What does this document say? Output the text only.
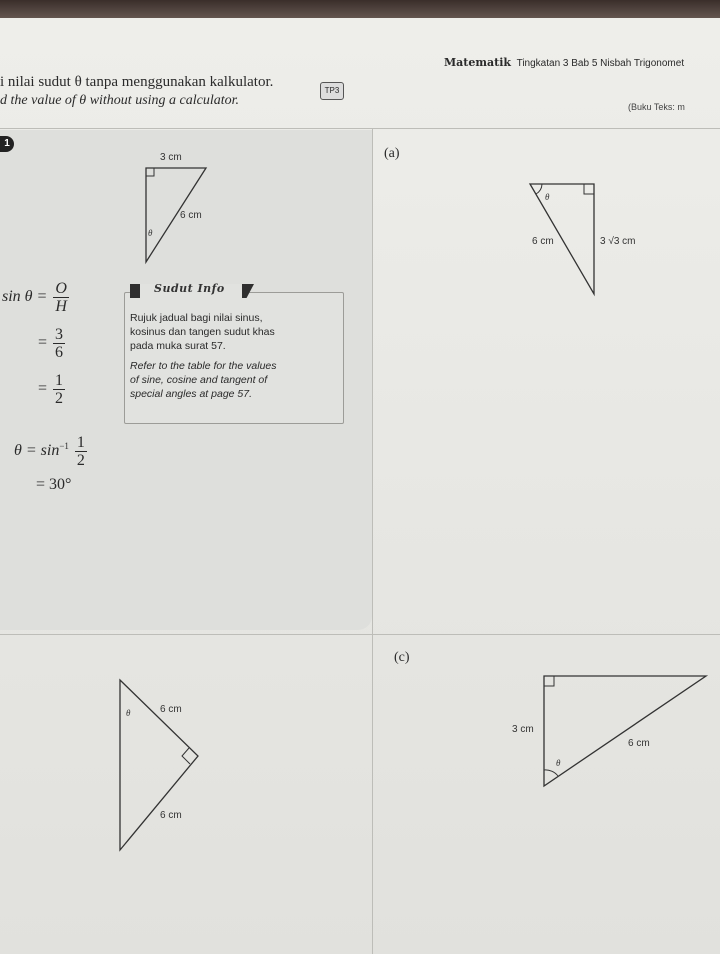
Matematik Tingkatan 3 Bab 5 Nisbah Trigonomet
(Buku Teks: m
i nilai sudut θ tanpa menggunakan kalkulator.
d the value of θ without using a calculator.
TP3
1
3 cm
6 cm
θ
$\sin \theta = \frac{O}{H}$
= $\frac{3}{6}$
= $\frac{1}{2}$
$\theta = \sin^{-1} \frac{1}{2}$
= 30°
Sudut Info
Rujuk jadual bagi nilai sinus,
kosinus dan tangen sudut khas
pada muka surat 57.
Refer to the table for the values
of sine, cosine and tangent of
special angles at page 57.
(a)
θ
6 cm	3 √3 cm
θ	6 cm
6 cm
(c)
3 cm
6 cm
θ
